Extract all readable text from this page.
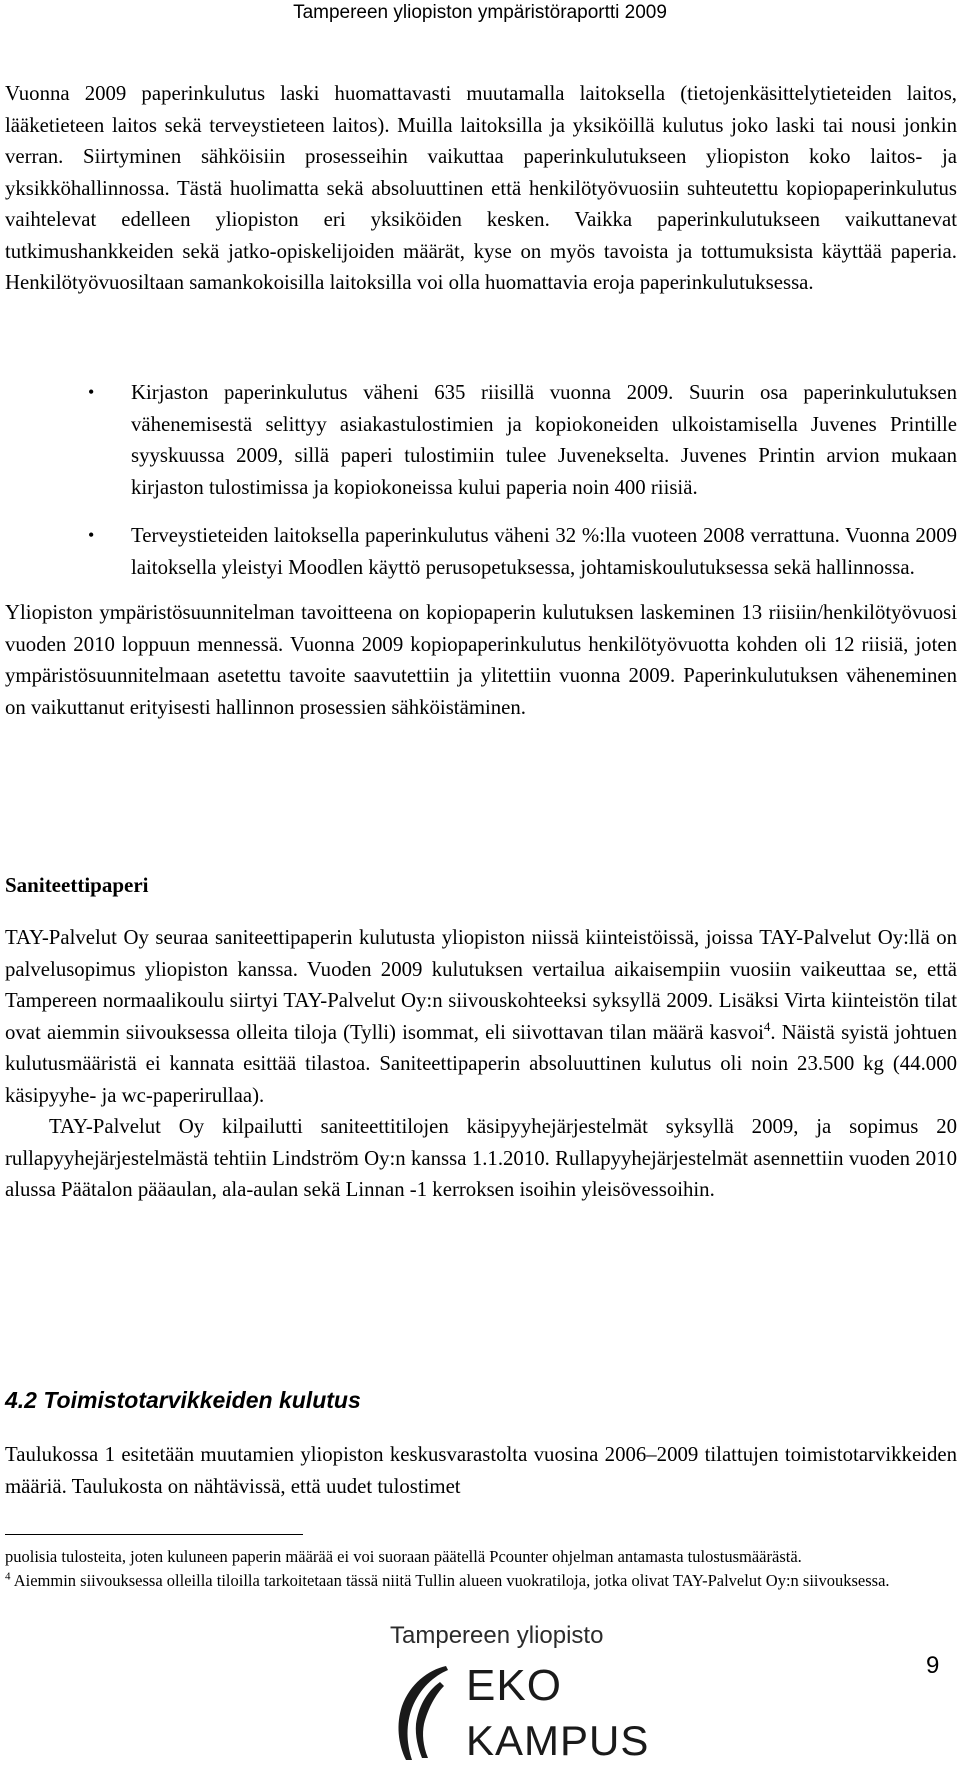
Tampereen yliopiston ympäristöraportti 2009

Vuonna 2009 paperinkulutus laski huomattavasti muutamalla laitoksella (tietojenkäsittelytieteiden laitos, lääketieteen laitos sekä terveystieteen laitos). Muilla laitoksilla ja yksiköillä kulutus joko laski tai nousi jonkin verran. Siirtyminen sähköisiin prosesseihin vaikuttaa paperinkulutukseen yliopiston koko laitos- ja yksikköhallinnossa. Tästä huolimatta sekä absoluuttinen että henkilötyövuosiin suhteutettu kopiopaperinkulutus vaihtelevat edelleen yliopiston eri yksiköiden kesken. Vaikka paperinkulutukseen vaikuttanevat tutkimushankkeiden sekä jatko-opiskelijoiden määrät, kyse on myös tavoista ja tottumuksista käyttää paperia. Henkilötyövuosiltaan samankokoisilla laitoksilla voi olla huomattavia eroja paperinkulutuksessa.

• Kirjaston paperinkulutus väheni 635 riisillä vuonna 2009. Suurin osa paperinkulutuksen vähenemisestä selittyy asiakastulostimien ja kopiokoneiden ulkoistamisella Juvenes Printille syyskuussa 2009, sillä paperi tulostimiin tulee Juvenekselta. Juvenes Printin arvion mukaan kirjaston tulostimissa ja kopiokoneissa kului paperia noin 400 riisiä.
• Terveystieteiden laitoksella paperinkulutus väheni 32 %:lla vuoteen 2008 verrattuna. Vuonna 2009 laitoksella yleistyi Moodlen käyttö perusopetuksessa, johtamiskoulutuksessa sekä hallinnossa.

Yliopiston ympäristösuunnitelman tavoitteena on kopiopaperin kulutuksen laskeminen 13 riisiin/henkilötyövuosi vuoden 2010 loppuun mennessä. Vuonna 2009 kopiopaperinkulutus henkilötyövuotta kohden oli 12 riisiä, joten ympäristösuunnitelmaan asetettu tavoite saavutettiin ja ylitettiin vuonna 2009. Paperinkulutuksen väheneminen on vaikuttanut erityisesti hallinnon prosessien sähköistäminen.

Saniteettipaperi
TAY-Palvelut Oy seuraa saniteettipaperin kulutusta yliopiston niissä kiinteistöissä, joissa TAY-Palvelut Oy:llä on palvelusopimus yliopiston kanssa. Vuoden 2009 kulutuksen vertailua aikaisempiin vuosiin vaikeuttaa se, että Tampereen normaalikoulu siirtyi TAY-Palvelut Oy:n siivouskohteeksi syksyllä 2009. Lisäksi Virta kiinteistön tilat ovat aiemmin siivouksessa olleita tiloja (Tylli) isommat, eli siivottavan tilan määrä kasvoi$^4$. Näistä syistä johtuen kulutusmääristä ei kannata esittää tilastoa. Saniteettipaperin absoluuttinen kulutus oli noin 23.500 kg (44.000 käsipyyhe- ja wc-paperirullaa).
TAY-Palvelut Oy kilpailutti saniteettitilojen käsipyyhejärjestelmät syksyllä 2009, ja sopimus 20 rullapyyhejärjestelmästä tehtiin Lindström Oy:n kanssa 1.1.2010. Rullapyyhejärjestelmät asennettiin vuoden 2010 alussa Päätalon pääaulan, ala-aulan sekä Linnan -1 kerroksen isoihin yleisövessoihin.
4.2 Toimistotarvikkeiden kulutus

Taulukossa 1 esitetään muutamien yliopiston keskusvarastolta vuosina 2006–2009 tilattujen toimistotarvikkeiden määriä. Taulukosta on nähtävissä, että uudet tulostimet

puolisia tulosteita, joten kuluneen paperin määrää ei voi suoraan päätellä Pcounter ohjelman antamasta tulostusmäärästä.
$^4$ Aiemmin siivouksessa olleilla tiloilla tarkoitetaan tässä niitä Tullin alueen vuokratiloja, jotka olivat TAY-Palvelut Oy:n siivouksessa.
Tampereen yliopisto
EKO
KAMPUS
9
